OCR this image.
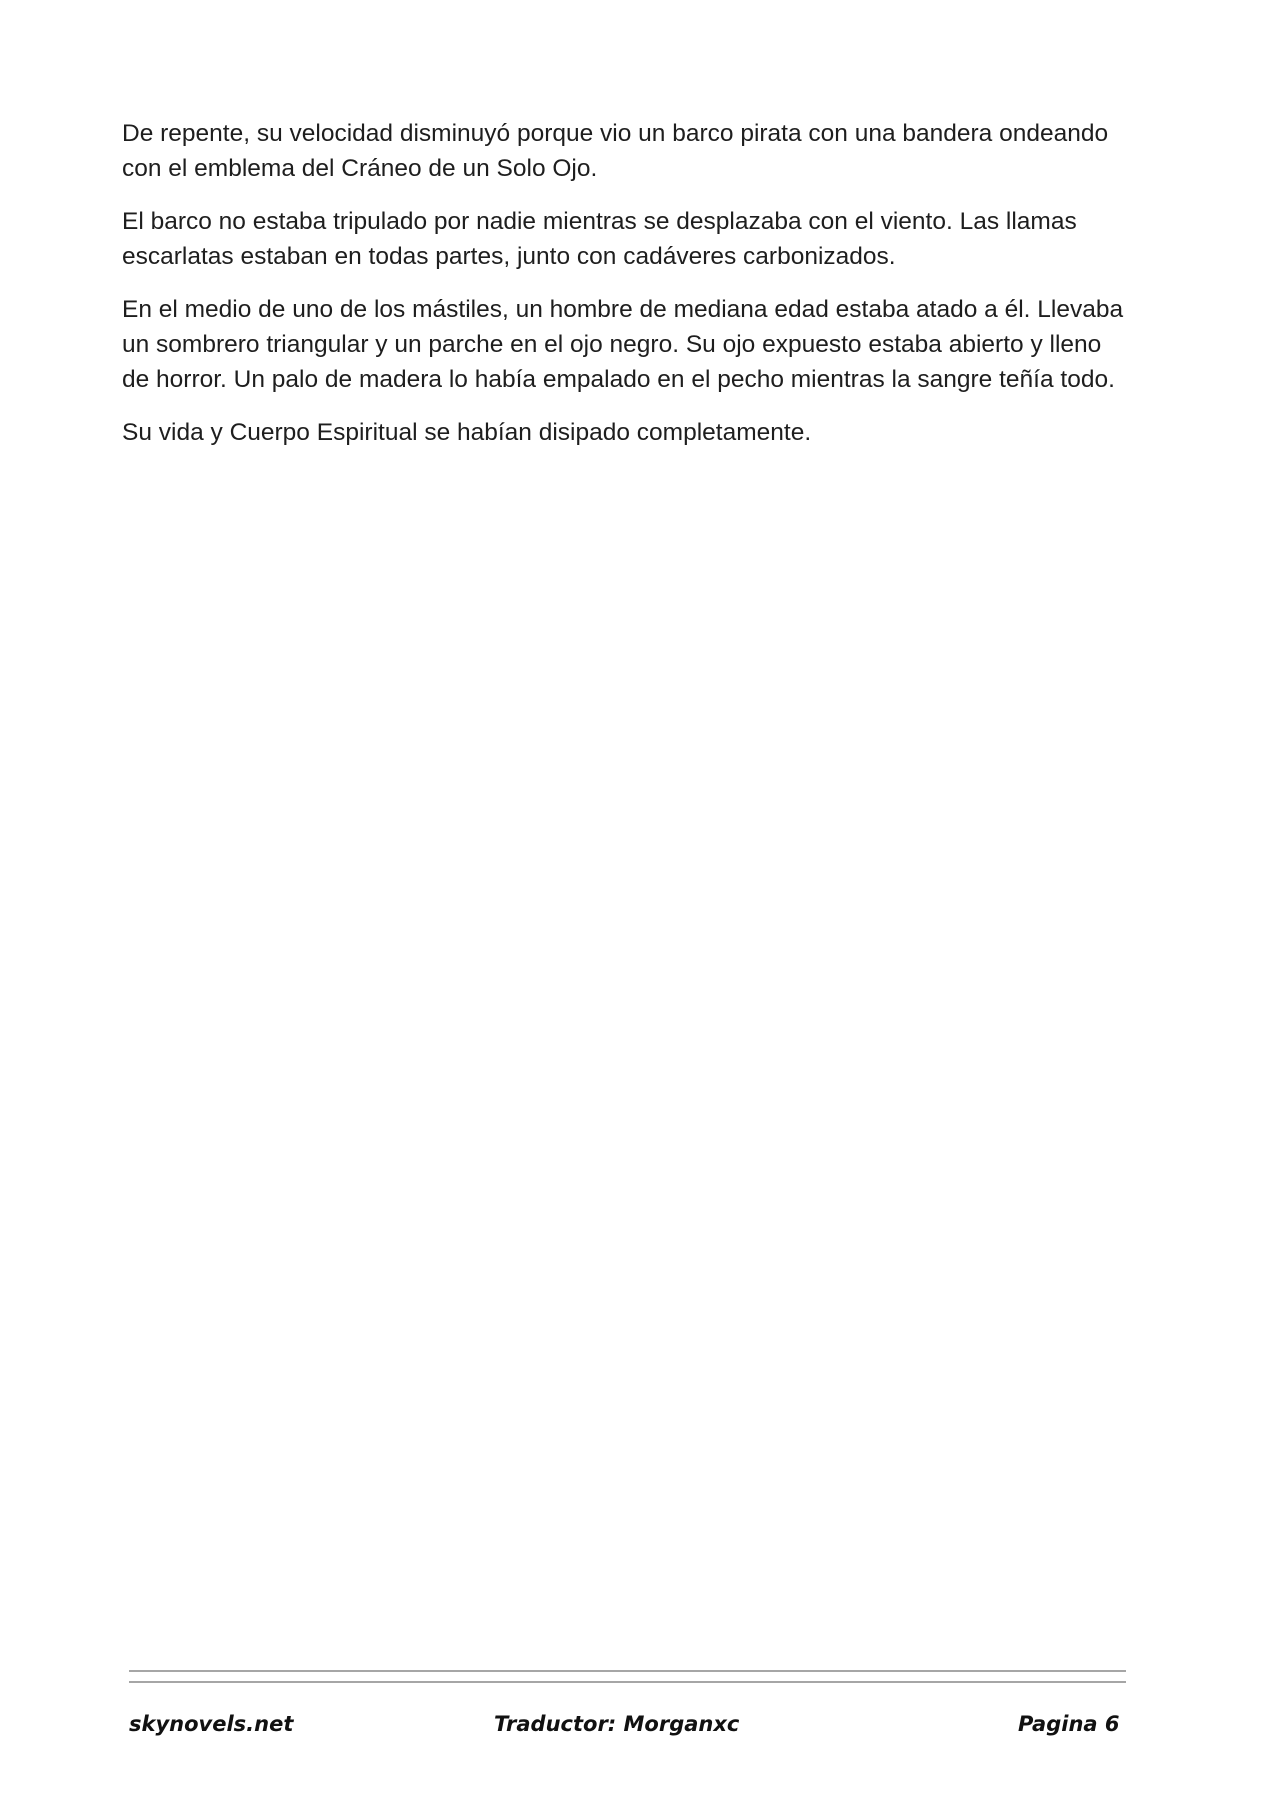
De repente, su velocidad disminuyó porque vio un barco pirata con una bandera ondeando con el emblema del Cráneo de un Solo Ojo.

El barco no estaba tripulado por nadie mientras se desplazaba con el viento. Las llamas escarlatas estaban en todas partes, junto con cadáveres carbonizados.

En el medio de uno de los mástiles, un hombre de mediana edad estaba atado a él. Llevaba un sombrero triangular y un parche en el ojo negro. Su ojo expuesto estaba abierto y lleno de horror. Un palo de madera lo había empalado en el pecho mientras la sangre teñía todo.

Su vida y Cuerpo Espiritual se habían disipado completamente.

skynovels.net	Traductor: Morganxc	Pagina 6
